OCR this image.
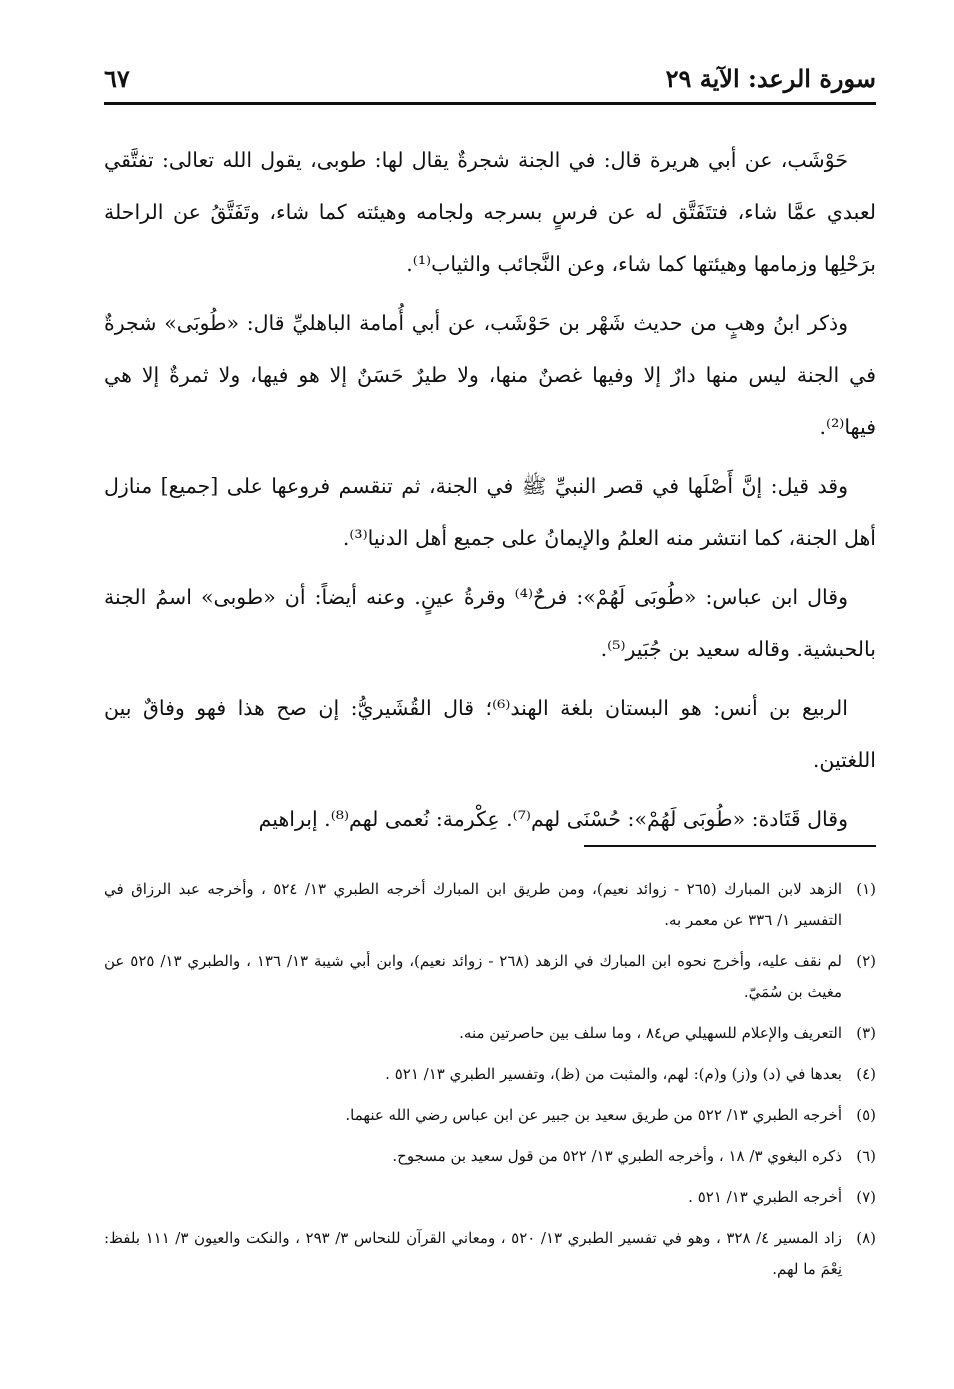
سورة الرعد: الآية ٢٩
٦٧

حَوْشَب، عن أبي هريرة قال: في الجنة شجرةٌ يقال لها: طوبى، يقول الله تعالى: تفتَّقي لعبدي عمَّا شاء، فتتَفَتَّق له عن فرسٍ بسرجه ولجامه وهيئته كما شاء، وتَفَتَّقُ عن الراحلة برَحْلِها وزمامها وهيئتها كما شاء، وعن النَّجائب والثياب⁽¹⁾.

وذكر ابنُ وهبٍ من حديث شَهْر بن حَوْشَب، عن أبي أُمامة الباهليِّ قال: «طُوبَى» شجرةٌ في الجنة ليس منها دارٌ إلا وفيها غصنٌ منها، ولا طيرٌ حَسَنٌ إلا هو فيها، ولا ثمرةٌ إلا هي فيها⁽²⁾.

وقد قيل: إنَّ أَصْلَها في قصر النبيِّ ﷺ في الجنة، ثم تنقسم فروعها على [جميع] منازل أهل الجنة، كما انتشر منه العلمُ والإيمانُ على جميع أهل الدنيا⁽³⁾.

وقال ابن عباس: «طُوبَى لَهُمْ»: فرحٌ⁽⁴⁾ وقرةُ عينٍ. وعنه أيضاً: أن «طوبى» اسمُ الجنة بالحبشية. وقاله سعيد بن جُبَير⁽⁵⁾.

الربيع بن أنس: هو البستان بلغة الهند⁽⁶⁾؛ قال القُشَيريُّ: إن صح هذا فهو وفاقٌ بين اللغتين.

وقال قَتَادة: «طُوبَى لَهُمْ»: حُسْنَى لهم⁽⁷⁾. عِكْرمة: نُعمى لهم⁽⁸⁾. إبراهيم

(١)
الزهد لابن المبارك (٢٦٥ - زوائد نعيم)، ومن طريق ابن المبارك أخرجه الطبري ١٣/ ٥٢٤ ، وأخرجه عبد الرزاق في التفسير ١/ ٣٣٦ عن معمر به.
(٢)
لم نقف عليه، وأخرج نحوه ابن المبارك في الزهد (٢٦٨ - زوائد نعيم)، وابن أبي شيبة ١٣/ ١٣٦ ، والطبري ١٣/ ٥٢٥ عن مغيث بن سُمَيّ.
(٣)
التعريف والإعلام للسهيلي ص٨٤ ، وما سلف بين حاصرتين منه.
(٤)
بعدها في (د) و(ز) و(م): لهم، والمثبت من (ظ)، وتفسير الطبري ١٣/ ٥٢١ .
(٥)
أخرجه الطبري ١٣/ ٥٢٢ من طريق سعيد بن جبير عن ابن عباس رضي الله عنهما.
(٦)
ذكره البغوي ٣/ ١٨ ، وأخرجه الطبري ١٣/ ٥٢٢ من قول سعيد بن مسجوح.
(٧)
أخرجه الطبري ١٣/ ٥٢١ .
(٨)
زاد المسير ٤/ ٣٢٨ ، وهو في تفسير الطبري ١٣/ ٥٢٠ ، ومعاني القرآن للنحاس ٣/ ٢٩٣ ، والنكت والعيون ٣/ ١١١ بلفظ: نِعْمَ ما لهم.
